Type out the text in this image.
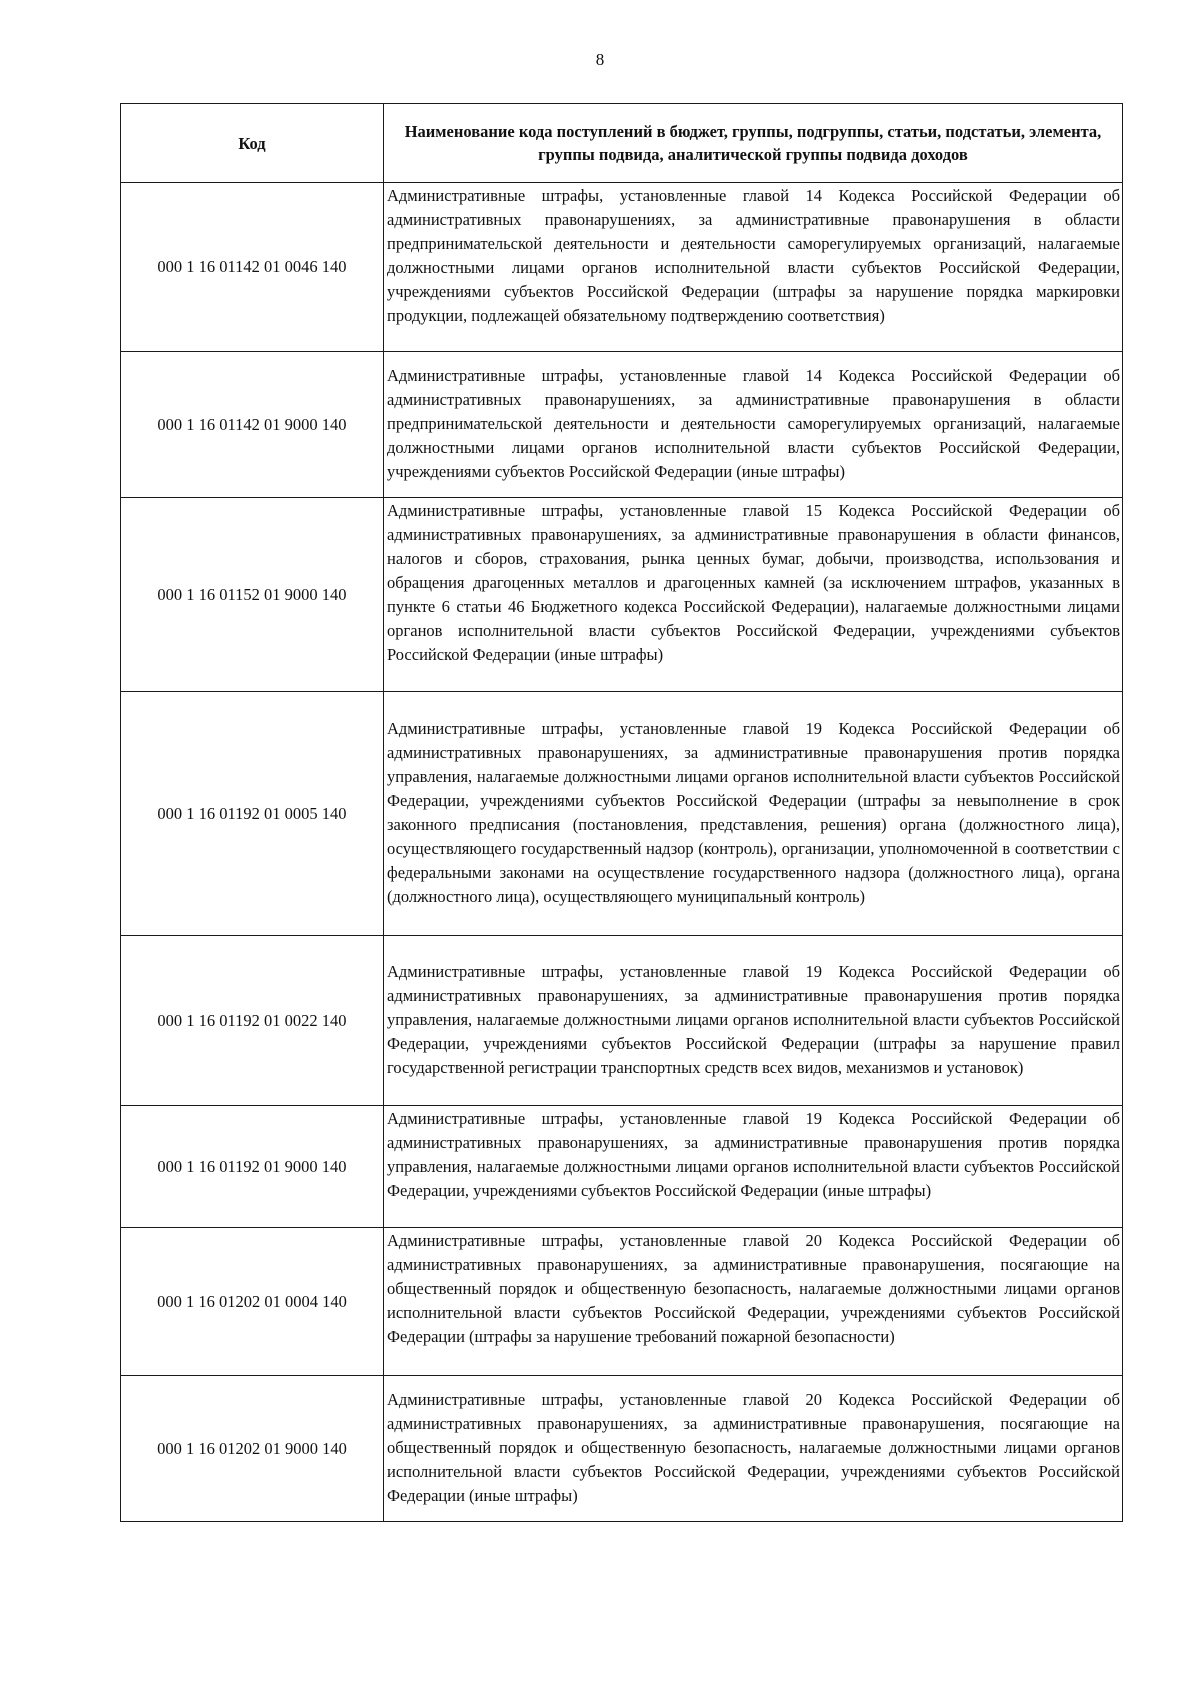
8
Код	Наименование кода поступлений в бюджет, группы, подгруппы, статьи, подстатьи, элемента, группы подвида, аналитической группы подвида доходов
000 1 16 01142 01 0046 140	Административные штрафы, установленные главой 14 Кодекса Российской Федерации об административных правонарушениях, за административные правонарушения в области предпринимательской деятельности и деятельности саморегулируемых организаций, налагаемые должностными лицами органов исполнительной власти субъектов Российской Федерации, учреждениями субъектов Российской Федерации (штрафы за нарушение порядка маркировки продукции, подлежащей обязательному подтверждению соответствия)
000 1 16 01142 01 9000 140	Административные штрафы, установленные главой 14 Кодекса Российской Федерации об административных правонарушениях, за административные правонарушения в области предпринимательской деятельности и деятельности саморегулируемых организаций, налагаемые должностными лицами органов исполнительной власти субъектов Российской Федерации, учреждениями субъектов Российской Федерации (иные штрафы)
000 1 16 01152 01 9000 140	Административные штрафы, установленные главой 15 Кодекса Российской Федерации об административных правонарушениях, за административные правонарушения в области финансов, налогов и сборов, страхования, рынка ценных бумаг, добычи, производства, использования и обращения драгоценных металлов и драгоценных камней (за исключением штрафов, указанных в пункте 6 статьи 46 Бюджетного кодекса Российской Федерации), налагаемые должностными лицами органов исполнительной власти субъектов Российской Федерации, учреждениями субъектов Российской Федерации (иные штрафы)
000 1 16 01192 01 0005 140	Административные штрафы, установленные главой 19 Кодекса Российской Федерации об административных правонарушениях, за административные правонарушения против порядка управления, налагаемые должностными лицами органов исполнительной власти субъектов Российской Федерации, учреждениями субъектов Российской Федерации (штрафы за невыполнение в срок законного предписания (постановления, представления, решения) органа (должностного лица), осуществляющего государственный надзор (контроль), организации, уполномоченной в соответствии с федеральными законами на осуществление государственного надзора (должностного лица), органа (должностного лица), осуществляющего муниципальный контроль)
000 1 16 01192 01 0022 140	Административные штрафы, установленные главой 19 Кодекса Российской Федерации об административных правонарушениях, за административные правонарушения против порядка управления, налагаемые должностными лицами органов исполнительной власти субъектов Российской Федерации, учреждениями субъектов Российской Федерации (штрафы за нарушение правил государственной регистрации транспортных средств всех видов, механизмов и установок)
000 1 16 01192 01 9000 140	Административные штрафы, установленные главой 19 Кодекса Российской Федерации об административных правонарушениях, за административные правонарушения против порядка управления, налагаемые должностными лицами органов исполнительной власти субъектов Российской Федерации, учреждениями субъектов Российской Федерации (иные штрафы)
000 1 16 01202 01 0004 140	Административные штрафы, установленные главой 20 Кодекса Российской Федерации об административных правонарушениях, за административные правонарушения, посягающие на общественный порядок и общественную безопасность, налагаемые должностными лицами органов исполнительной власти субъектов Российской Федерации, учреждениями субъектов Российской Федерации (штрафы за нарушение требований пожарной безопасности)
000 1 16 01202 01 9000 140	Административные штрафы, установленные главой 20 Кодекса Российской Федерации об административных правонарушениях, за административные правонарушения, посягающие на общественный порядок и общественную безопасность, налагаемые должностными лицами органов исполнительной власти субъектов Российской Федерации, учреждениями субъектов Российской Федерации (иные штрафы)
